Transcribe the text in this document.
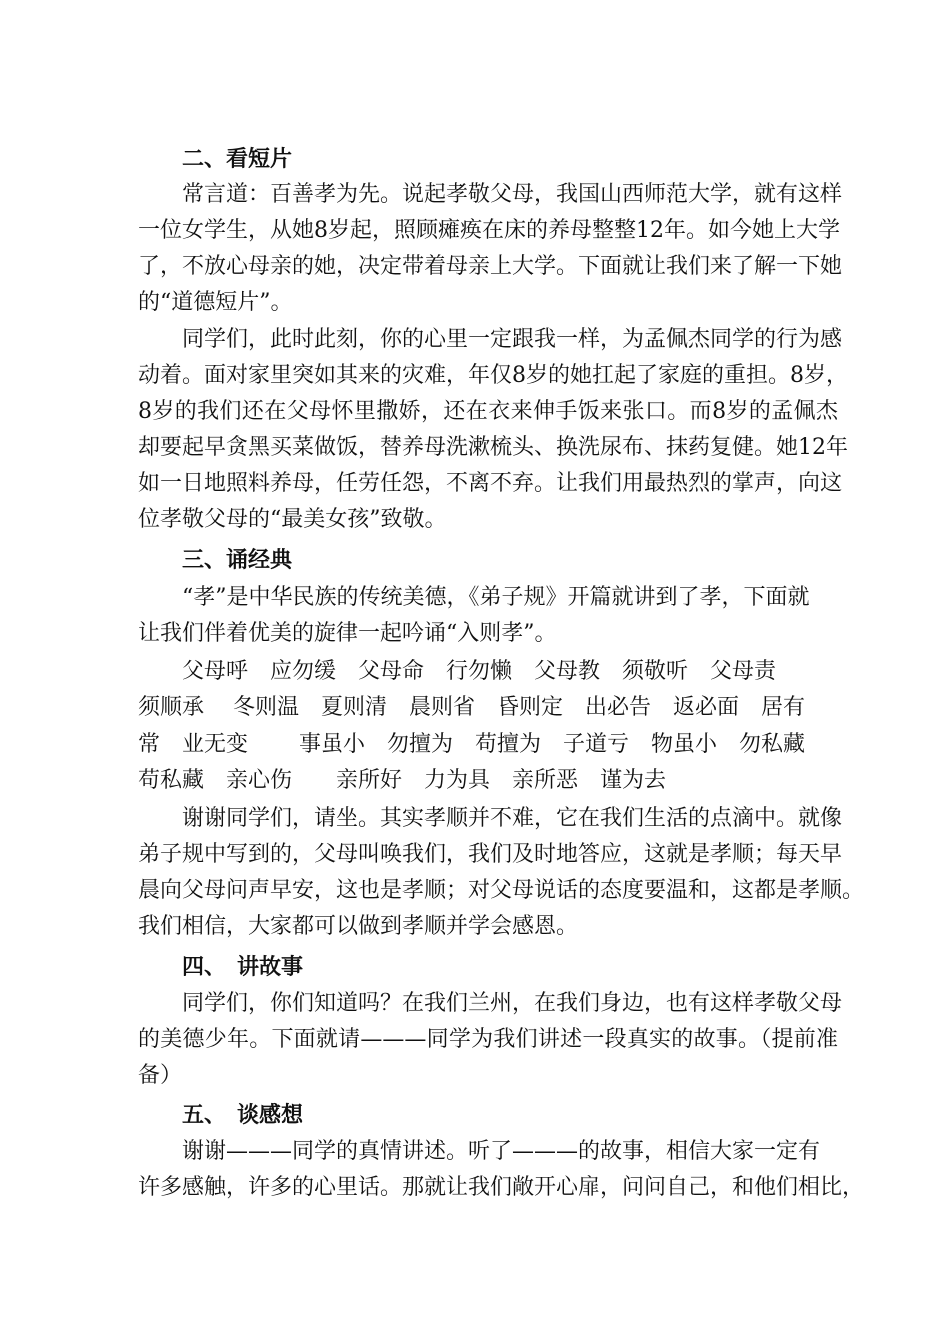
二、看短片
常言道：百善孝为先。说起孝敬父母，我国山西师范大学，就有这样
一位女学生，从她8岁起，照顾瘫痪在床的养母整整12年。如今她上大学
了，不放心母亲的她，决定带着母亲上大学。下面就让我们来了解一下她
的“道德短片”。
同学们，此时此刻，你的心里一定跟我一样，为孟佩杰同学的行为感
动着。面对家里突如其来的灾难，年仅8岁的她扛起了家庭的重担。8岁，
8岁的我们还在父母怀里撒娇，还在衣来伸手饭来张口。而8岁的孟佩杰
却要起早贪黑买菜做饭，替养母洗漱梳头、换洗尿布、抹药复健。她12年
如一日地照料养母，任劳任怨，不离不弃。让我们用最热烈的掌声，向这
位孝敬父母的“最美女孩”致敬。
三、诵经典
“孝”是中华民族的传统美德，《弟子规》开篇就讲到了孝，下面就
让我们伴着优美的旋律一起吟诵“入则孝”。
父母呼　应勿缓　父母命　行勿懒　父母教　须敬听　父母责
须顺承　 冬则温　夏则清　晨则省　昏则定　出必告　返必面　居有
常　业无变　　 事虽小　勿擅为　苟擅为　子道亏　物虽小　勿私藏
苟私藏　亲心伤　　亲所好　力为具　亲所恶　谨为去
谢谢同学们，请坐。其实孝顺并不难，它在我们生活的点滴中。就像
弟子规中写到的，父母叫唤我们，我们及时地答应，这就是孝顺；每天早
晨向父母问声早安，这也是孝顺；对父母说话的态度要温和，这都是孝顺。
我们相信，大家都可以做到孝顺并学会感恩。
四、　讲故事
同学们，你们知道吗？在我们兰州，在我们身边，也有这样孝敬父母
的美德少年。下面就请———同学为我们讲述一段真实的故事。（提前准
备）
五、　谈感想
谢谢———同学的真情讲述。听了———的故事，相信大家一定有
许多感触，许多的心里话。那就让我们敞开心扉，问问自己，和他们相比，
